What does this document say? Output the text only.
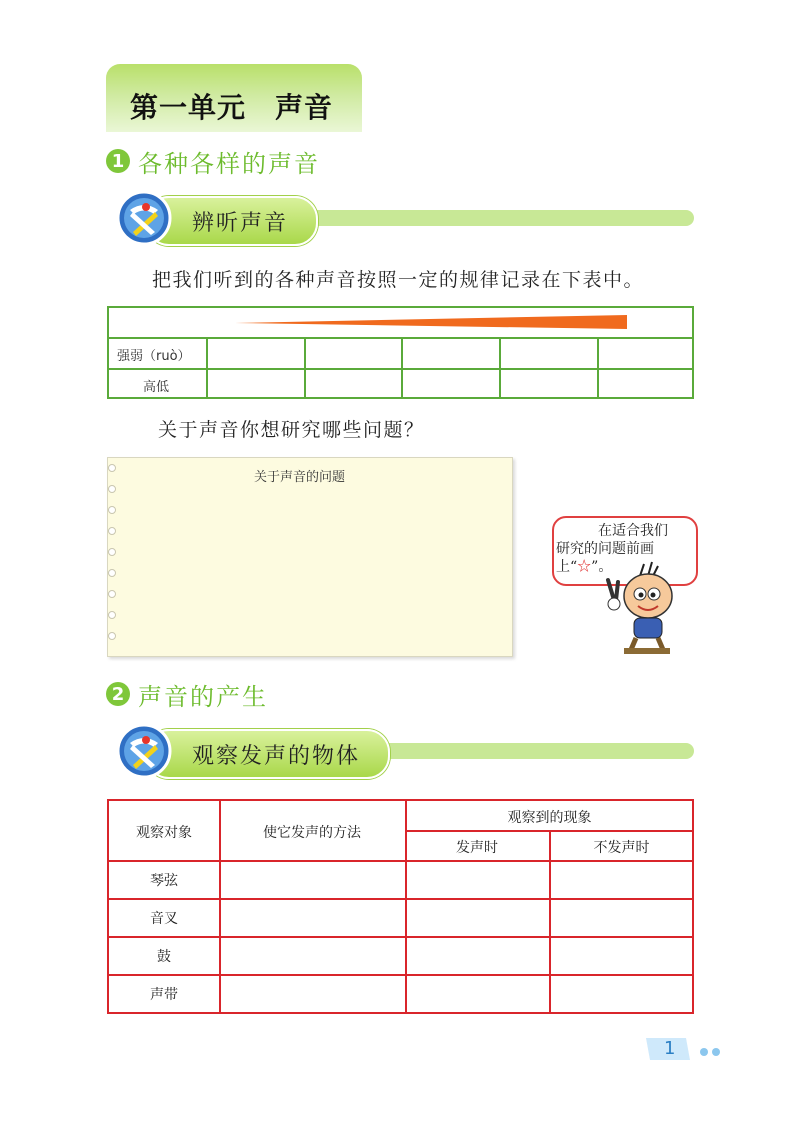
第一单元　声音
1 各种各样的声音
辨听声音
把我们听到的各种声音按照一定的规律记录在下表中。
强弱（ruò）
高低
关于声音你想研究哪些问题？
关于声音的问题
在适合我们
研究的问题前画
上“☆”。
2 声音的产生
观察发声的物体
观察对象	使它发声的方法
观察到的现象
发声时	不发声时
琴弦
音叉
鼓
声带
1
